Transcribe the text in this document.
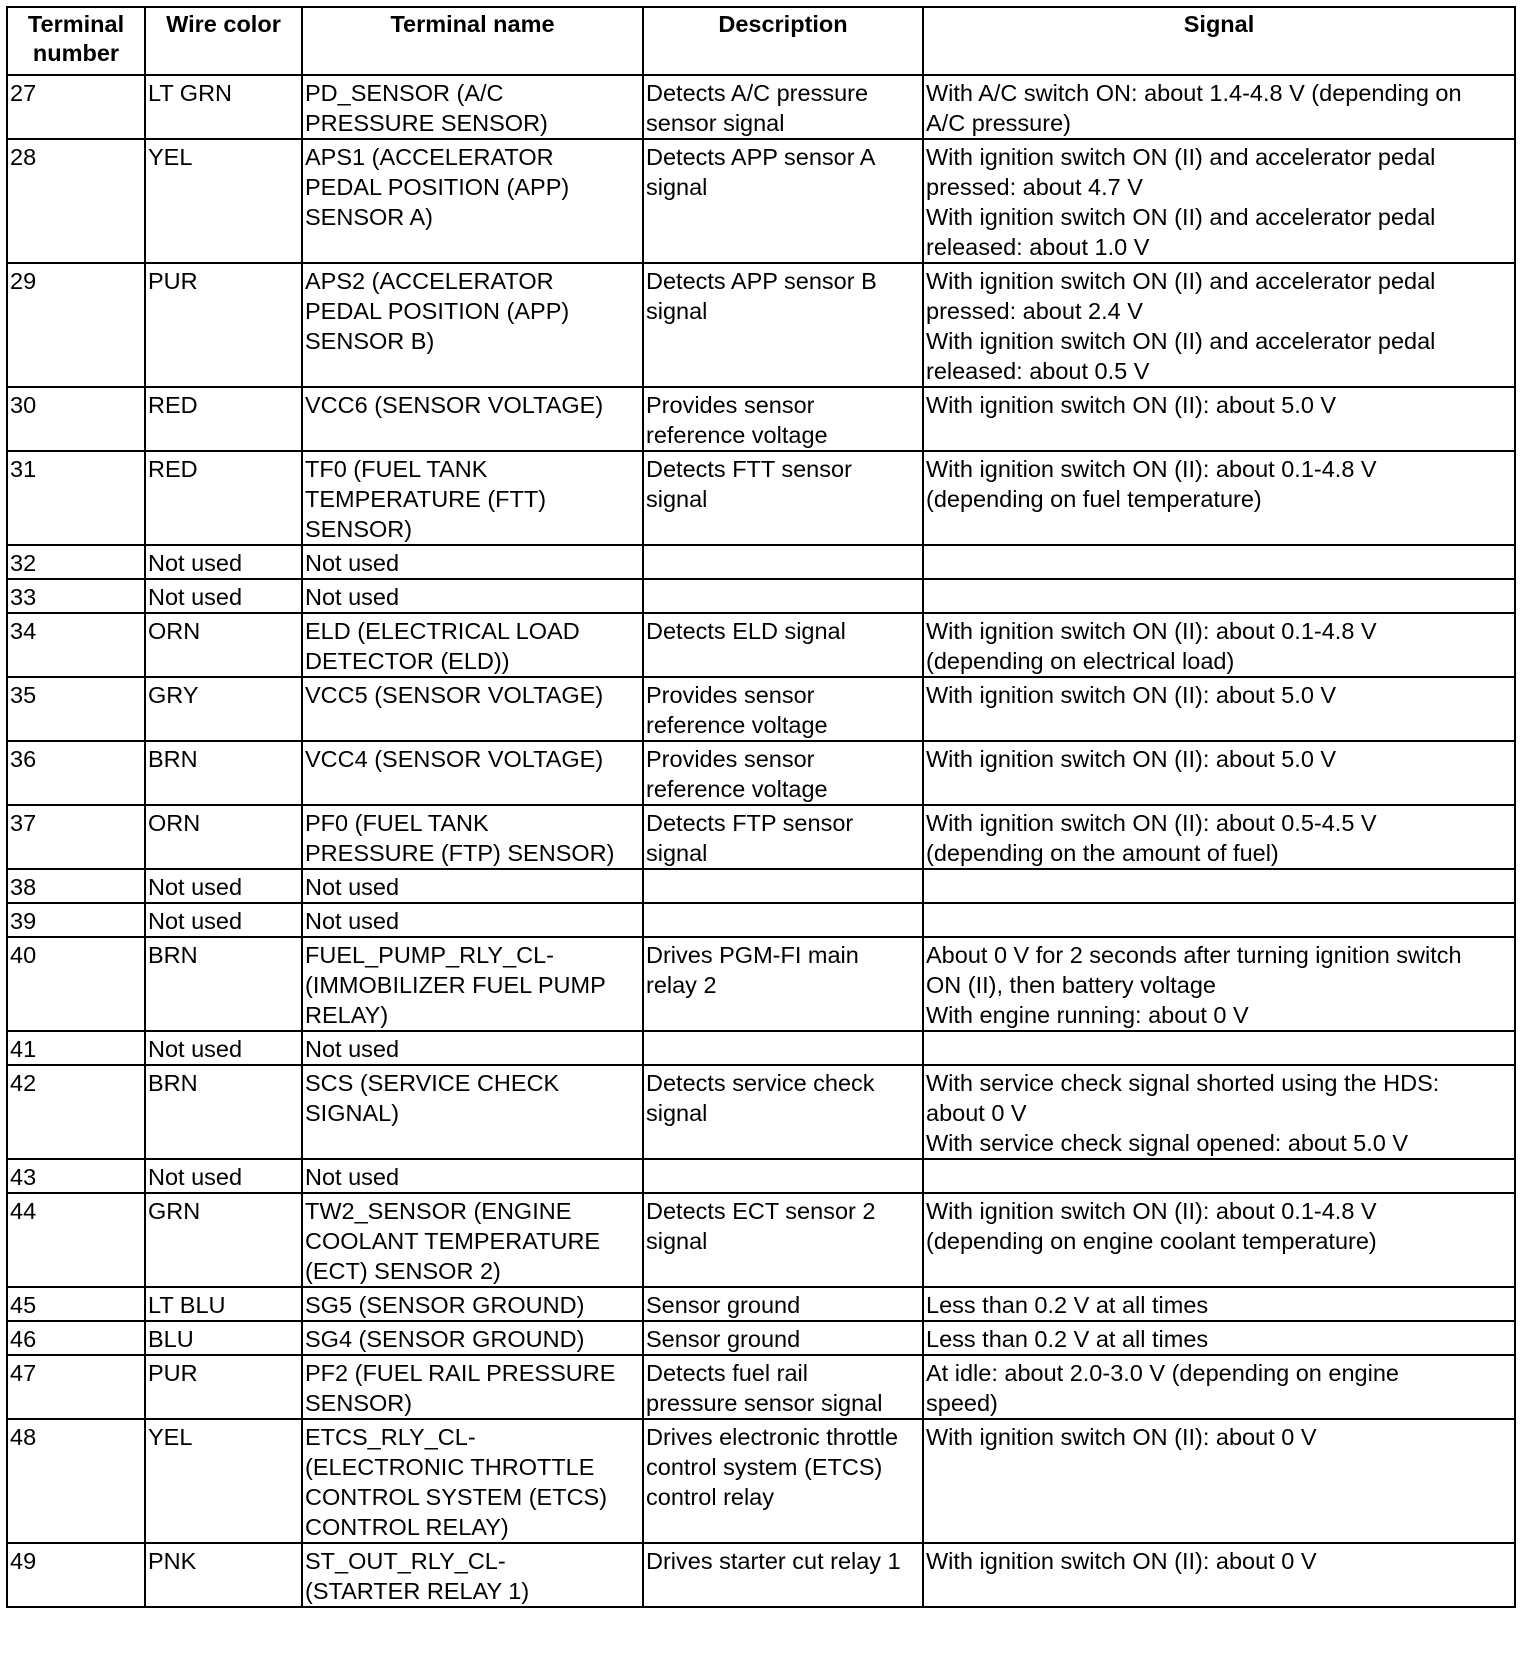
Terminal
number	Wire color	Terminal name	Description	Signal

27	LT GRN	PD_SENSOR (A/C
PRESSURE SENSOR)	Detects A/C pressure
sensor signal	With A/C switch ON: about 1.4-4.8 V (depending on
A/C pressure)

28	YEL	APS1 (ACCELERATOR
PEDAL POSITION (APP)
SENSOR A)	Detects APP sensor A
signal	With ignition switch ON (II) and accelerator pedal
pressed: about 4.7 V
With ignition switch ON (II) and accelerator pedal
released: about 1.0 V

29	PUR	APS2 (ACCELERATOR
PEDAL POSITION (APP)
SENSOR B)	Detects APP sensor B
signal	With ignition switch ON (II) and accelerator pedal
pressed: about 2.4 V
With ignition switch ON (II) and accelerator pedal
released: about 0.5 V

30	RED	VCC6 (SENSOR VOLTAGE)	Provides sensor
reference voltage	With ignition switch ON (II): about 5.0 V

31	RED	TF0 (FUEL TANK
TEMPERATURE (FTT)
SENSOR)	Detects FTT sensor
signal	With ignition switch ON (II): about 0.1-4.8 V
(depending on fuel temperature)

32	Not used	Not used		

33	Not used	Not used		

34	ORN	ELD (ELECTRICAL LOAD
DETECTOR (ELD))	Detects ELD signal	With ignition switch ON (II): about 0.1-4.8 V
(depending on electrical load)

35	GRY	VCC5 (SENSOR VOLTAGE)	Provides sensor
reference voltage	With ignition switch ON (II): about 5.0 V

36	BRN	VCC4 (SENSOR VOLTAGE)	Provides sensor
reference voltage	With ignition switch ON (II): about 5.0 V

37	ORN	PF0 (FUEL TANK
PRESSURE (FTP) SENSOR)	Detects FTP sensor
signal	With ignition switch ON (II): about 0.5-4.5 V
(depending on the amount of fuel)

38	Not used	Not used		

39	Not used	Not used		

40	BRN	FUEL_PUMP_RLY_CL-
(IMMOBILIZER FUEL PUMP
RELAY)	Drives PGM-FI main
relay 2	About 0 V for 2 seconds after turning ignition switch
ON (II), then battery voltage
With engine running: about 0 V

41	Not used	Not used		

42	BRN	SCS (SERVICE CHECK
SIGNAL)	Detects service check
signal	With service check signal shorted using the HDS:
about 0 V
With service check signal opened: about 5.0 V

43	Not used	Not used		

44	GRN	TW2_SENSOR (ENGINE
COOLANT TEMPERATURE
(ECT) SENSOR 2)	Detects ECT sensor 2
signal	With ignition switch ON (II): about 0.1-4.8 V
(depending on engine coolant temperature)

45	LT BLU	SG5 (SENSOR GROUND)	Sensor ground	Less than 0.2 V at all times

46	BLU	SG4 (SENSOR GROUND)	Sensor ground	Less than 0.2 V at all times

47	PUR	PF2 (FUEL RAIL PRESSURE
SENSOR)	Detects fuel rail
pressure sensor signal	At idle: about 2.0-3.0 V (depending on engine
speed)

48	YEL	ETCS_RLY_CL-
(ELECTRONIC THROTTLE
CONTROL SYSTEM (ETCS)
CONTROL RELAY)	Drives electronic throttle
control system (ETCS)
control relay	With ignition switch ON (II): about 0 V

49	PNK	ST_OUT_RLY_CL-
(STARTER RELAY 1)	Drives starter cut relay 1	With ignition switch ON (II): about 0 V
